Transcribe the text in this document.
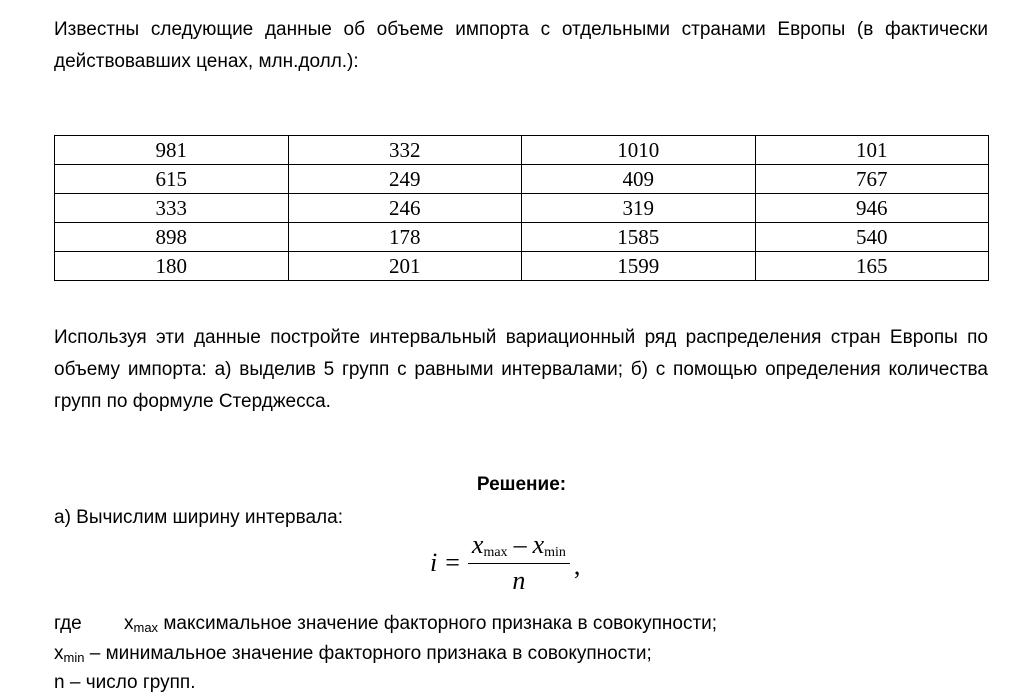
Известны следующие данные об объеме импорта с отдельными странами Европы (в фактически действовавших ценах, млн.долл.):

981	332	1010	101
615	249	409	767
333	246	319	946
898	178	1585	540
180	201	1599	165

Используя эти данные постройте интервальный вариационный ряд распределения стран Европы по объему импорта: а) выделив 5 групп с равными интервалами; б) с помощью определения количества групп по формуле Стерджесса.

Решение:

а) Вычислим ширину интервала:

$i = \frac{x_{max} - x_{min}}{n}$ ,

где $x_{max}$ максимальное значение факторного признака в совокупности;

$x_{min}$ – минимальное значение факторного признака в совокупности;

n – число групп.
